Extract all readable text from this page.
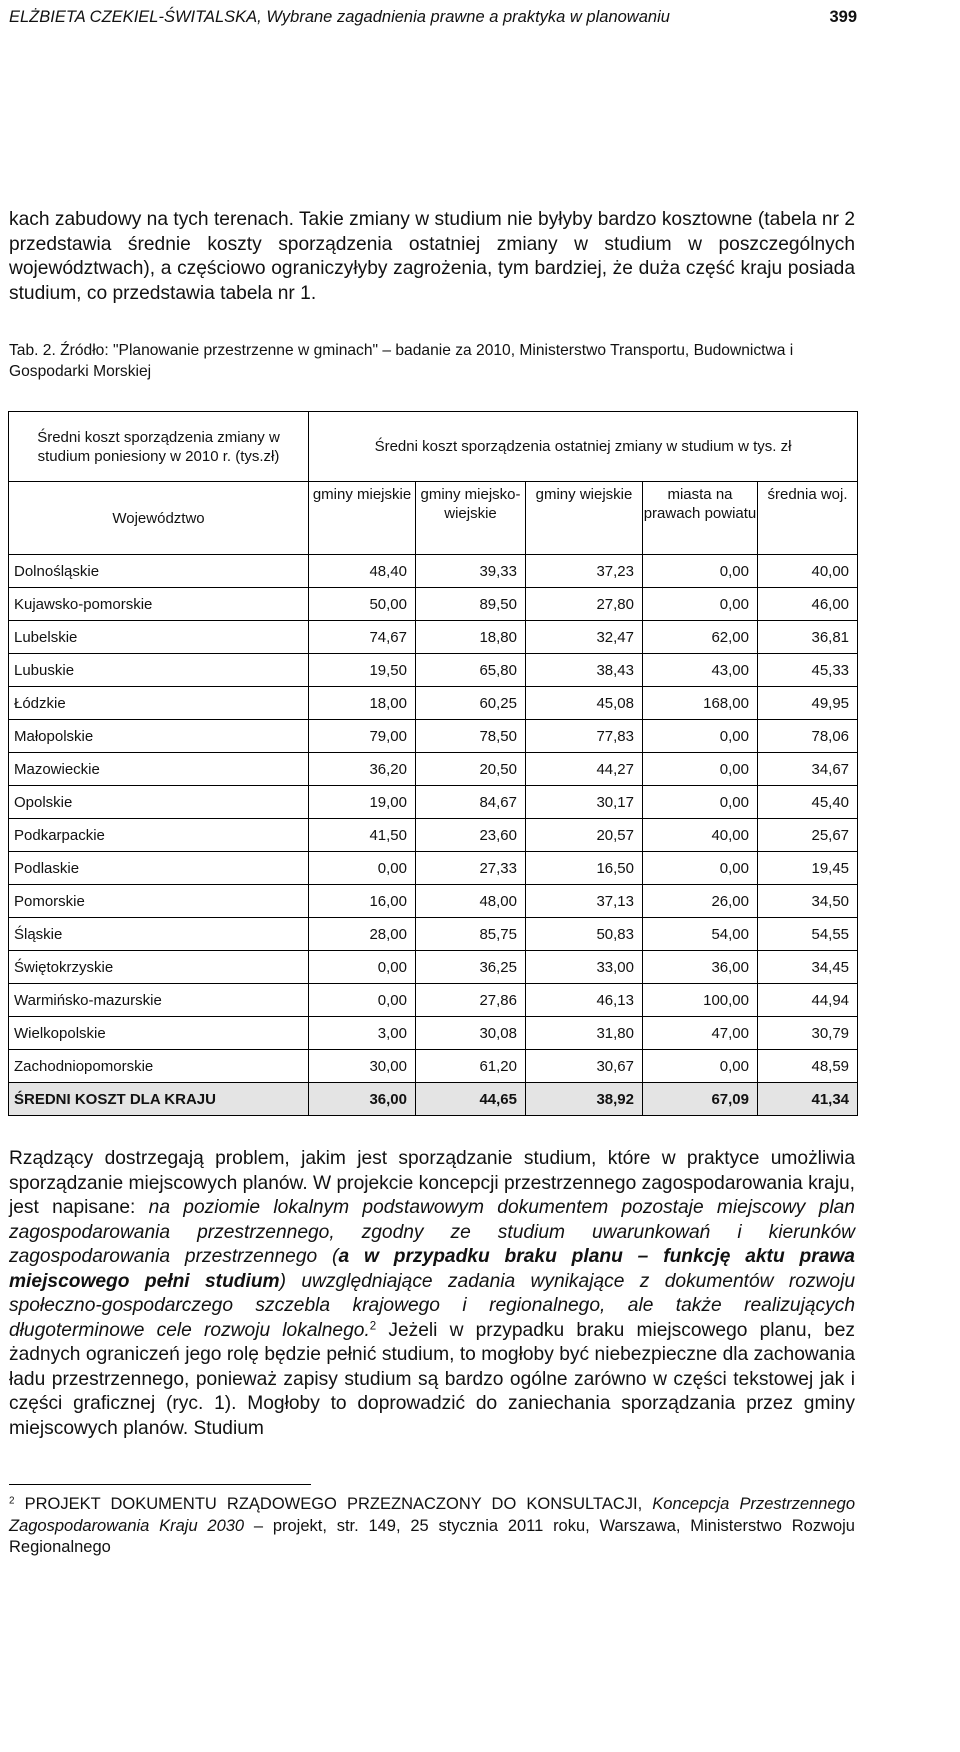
ELŻBIETA CZEKIEL-ŚWITALSKA, Wybrane zagadnienia prawne a praktyka w planowaniu	399

kach zabudowy na tych terenach. Takie zmiany w studium nie byłyby bardzo kosztowne (tabela nr 2 przedstawia średnie koszty sporządzenia ostatniej zmiany w studium w poszczególnych województwach), a częściowo ograniczyłyby zagrożenia, tym bardziej, że duża część kraju posiada studium, co przedstawia tabela nr 1.

Tab. 2. Źródło: "Planowanie przestrzenne w gminach" – badanie za 2010, Ministerstwo Transportu, Budownictwa i Gospodarki Morskiej

Średni koszt sporządzenia zmiany w studium poniesiony w 2010 r. (tys.zł)	Średni koszt sporządzenia ostatniej zmiany w studium w tys. zł				
Województwo	gminy miejskie	gminy miejsko-wiejskie	gminy wiejskie	miasta na prawach powiatu	średnia woj.
Dolnośląskie	48,40	39,33	37,23	0,00	40,00
Kujawsko-pomorskie	50,00	89,50	27,80	0,00	46,00
Lubelskie	74,67	18,80	32,47	62,00	36,81
Lubuskie	19,50	65,80	38,43	43,00	45,33
Łódzkie	18,00	60,25	45,08	168,00	49,95
Małopolskie	79,00	78,50	77,83	0,00	78,06
Mazowieckie	36,20	20,50	44,27	0,00	34,67
Opolskie	19,00	84,67	30,17	0,00	45,40
Podkarpackie	41,50	23,60	20,57	40,00	25,67
Podlaskie	0,00	27,33	16,50	0,00	19,45
Pomorskie	16,00	48,00	37,13	26,00	34,50
Śląskie	28,00	85,75	50,83	54,00	54,55
Świętokrzyskie	0,00	36,25	33,00	36,00	34,45
Warmińsko-mazurskie	0,00	27,86	46,13	100,00	44,94
Wielkopolskie	3,00	30,08	31,80	47,00	30,79
Zachodniopomorskie	30,00	61,20	30,67	0,00	48,59
ŚREDNI KOSZT DLA KRAJU	36,00	44,65	38,92	67,09	41,34

Rządzący dostrzegają problem, jakim jest sporządzanie studium, które w praktyce umożliwia sporządzanie miejscowych planów. W projekcie koncepcji przestrzennego zagospodarowania kraju, jest napisane: na poziomie lokalnym podstawowym dokumentem pozostaje miejscowy plan zagospodarowania przestrzennego, zgodny ze studium uwarunkowań i kierunków zagospodarowania przestrzennego (a w przypadku braku planu – funkcję aktu prawa miejscowego pełni studium) uwzględniające zadania wynikające z dokumentów rozwoju społeczno-gospodarczego szczebla krajowego i regionalnego, ale także realizujących długoterminowe cele rozwoju lokalnego.$^2$ Jeżeli w przypadku braku miejscowego planu, bez żadnych ograniczeń jego rolę będzie pełnić studium, to mogłoby być niebezpieczne dla zachowania ładu przestrzennego, ponieważ zapisy studium są bardzo ogólne zarówno w części tekstowej jak i części graficznej (ryc. 1). Mogłoby to doprowadzić do zaniechania sporządzania przez gminy miejscowych planów. Studium

$^2$ PROJEKT DOKUMENTU RZĄDOWEGO PRZEZNACZONY DO KONSULTACJI, Koncepcja Przestrzennego Zagospodarowania Kraju 2030 – projekt, str. 149, 25 stycznia 2011 roku, Warszawa, Ministerstwo Rozwoju Regionalnego
